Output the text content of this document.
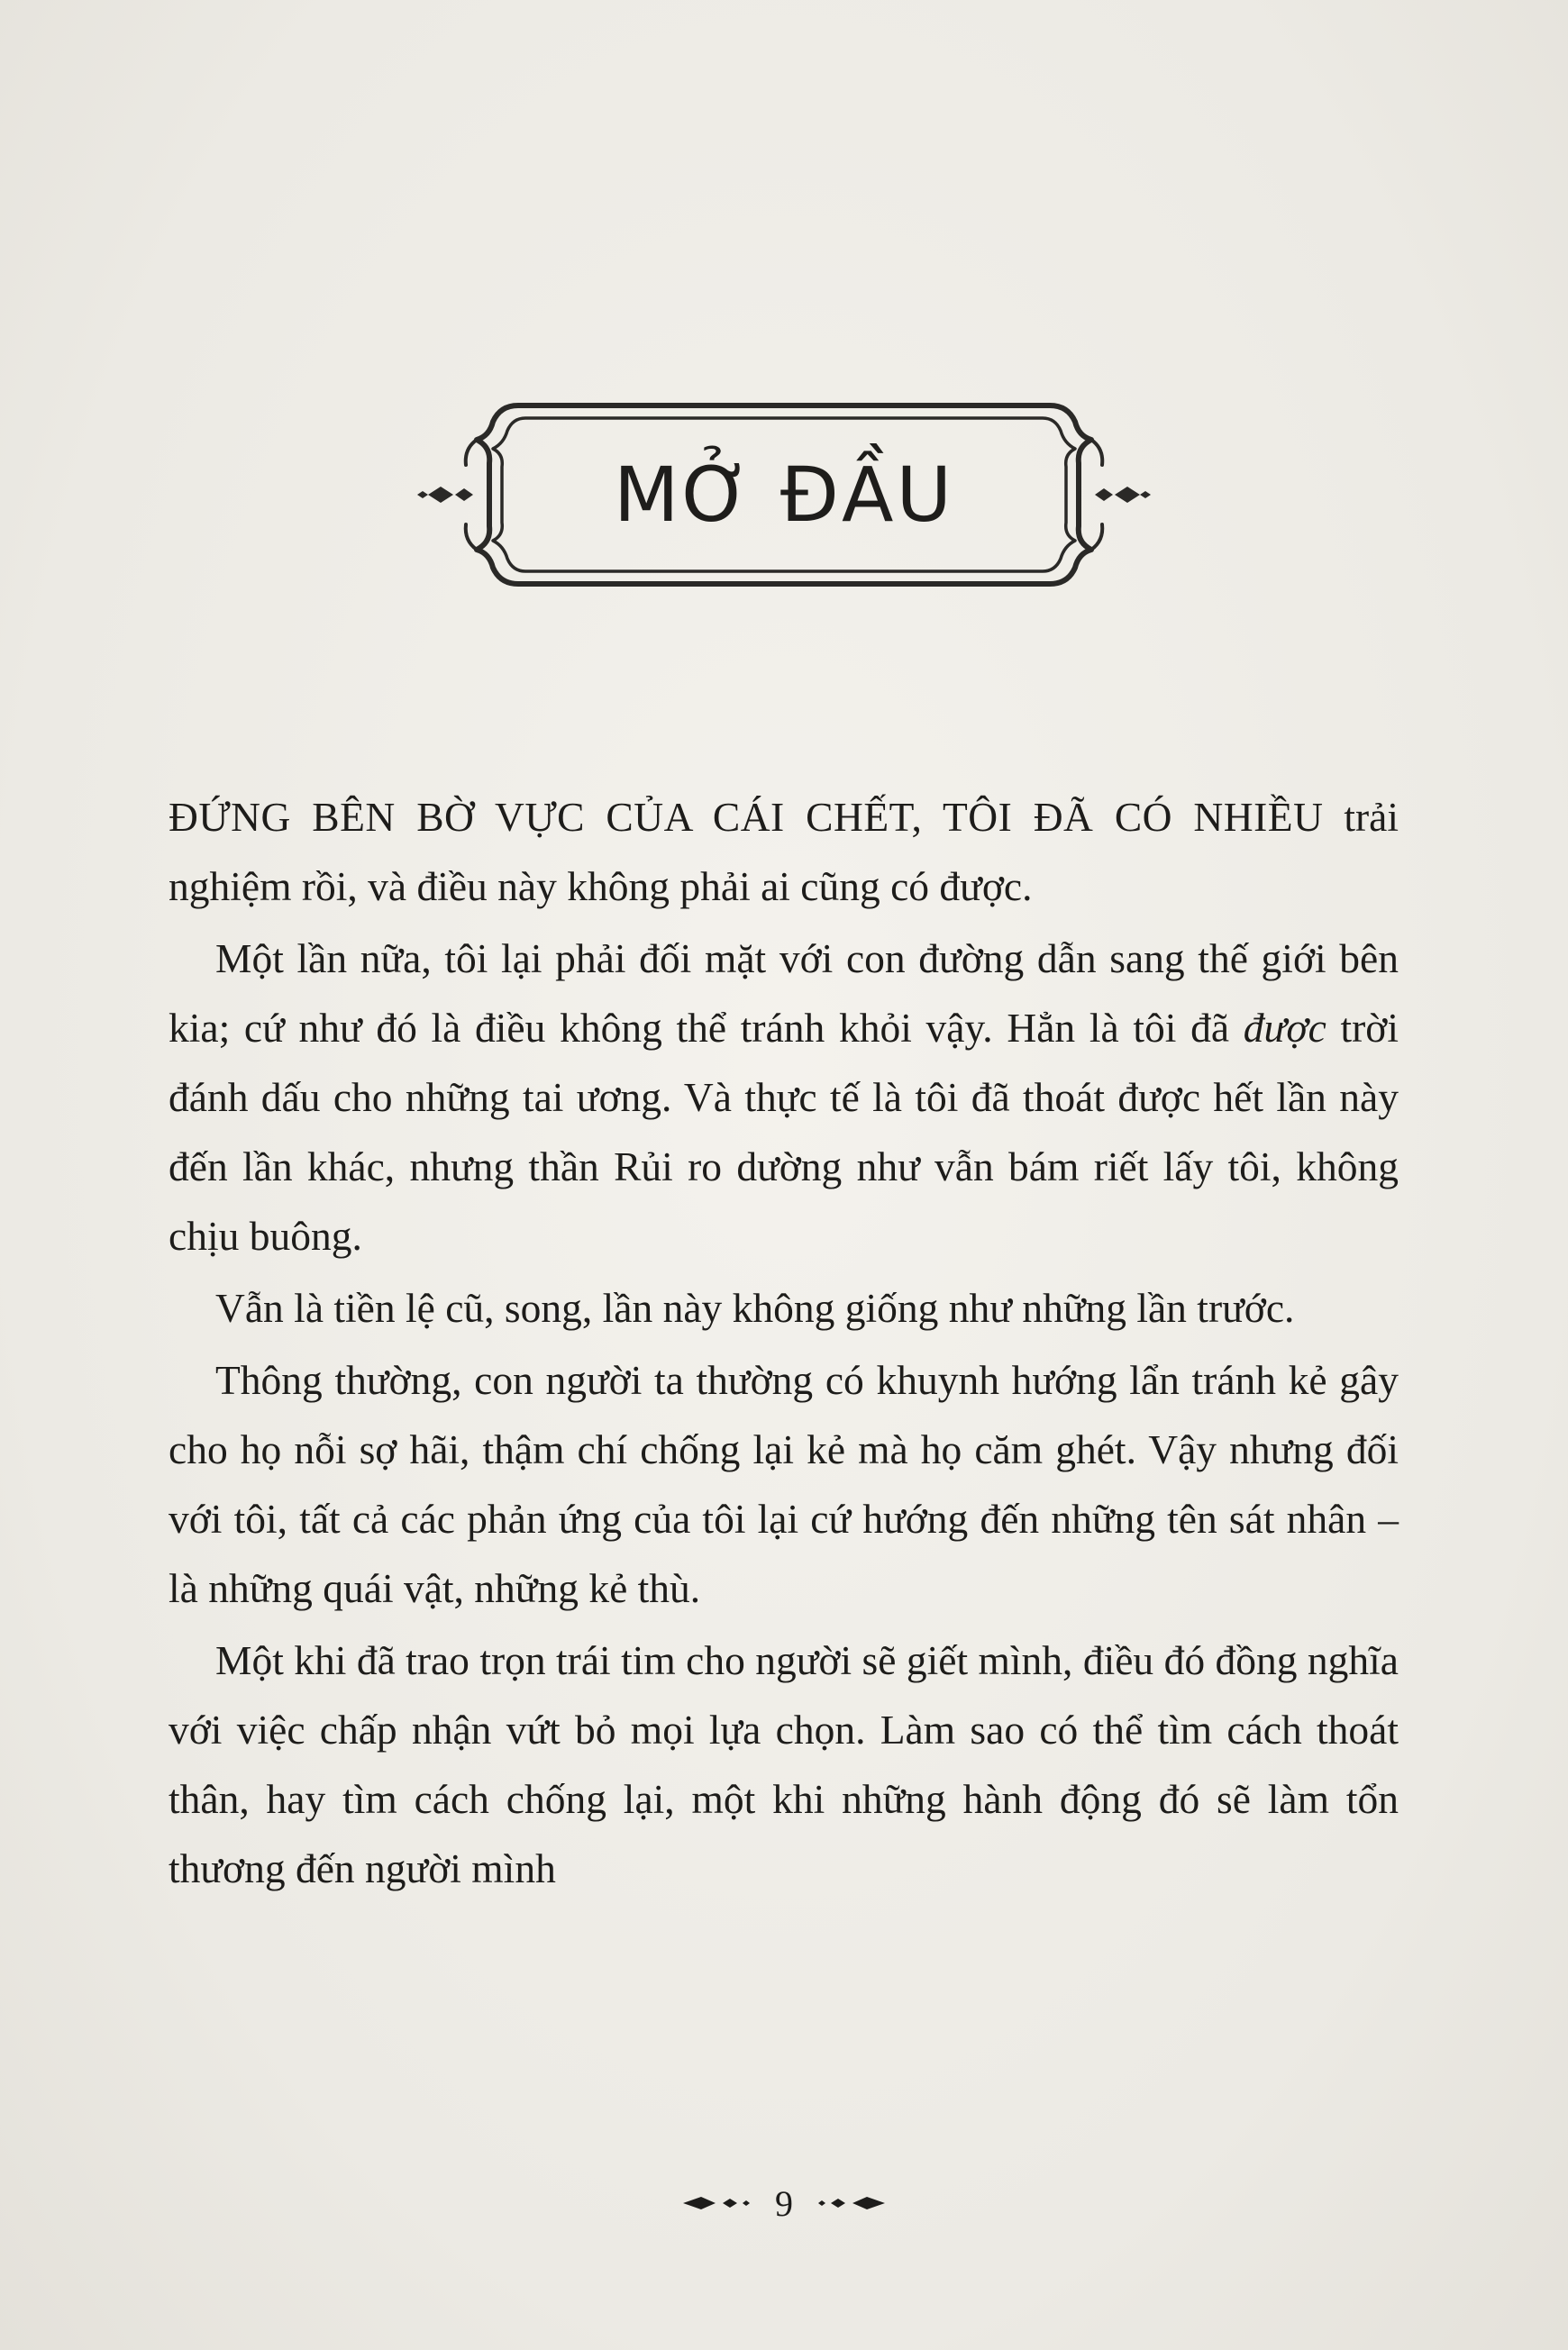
MỞ ĐẦU

ĐỨNG BÊN BỜ VỰC CỦA CÁI CHẾT, TÔI ĐÃ CÓ NHIỀU trải nghiệm rồi, và điều này không phải ai cũng có được.

Một lần nữa, tôi lại phải đối mặt với con đường dẫn sang thế giới bên kia; cứ như đó là điều không thể tránh khỏi vậy. Hẳn là tôi đã được trời đánh dấu cho những tai ương. Và thực tế là tôi đã thoát được hết lần này đến lần khác, nhưng thần Rủi ro dường như vẫn bám riết lấy tôi, không chịu buông.

Vẫn là tiền lệ cũ, song, lần này không giống như những lần trước.

Thông thường, con người ta thường có khuynh hướng lẩn tránh kẻ gây cho họ nỗi sợ hãi, thậm chí chống lại kẻ mà họ căm ghét. Vậy nhưng đối với tôi, tất cả các phản ứng của tôi lại cứ hướng đến những tên sát nhân – là những quái vật, những kẻ thù.

Một khi đã trao trọn trái tim cho người sẽ giết mình, điều đó đồng nghĩa với việc chấp nhận vứt bỏ mọi lựa chọn. Làm sao có thể tìm cách thoát thân, hay tìm cách chống lại, một khi những hành động đó sẽ làm tổn thương đến người mình

9
